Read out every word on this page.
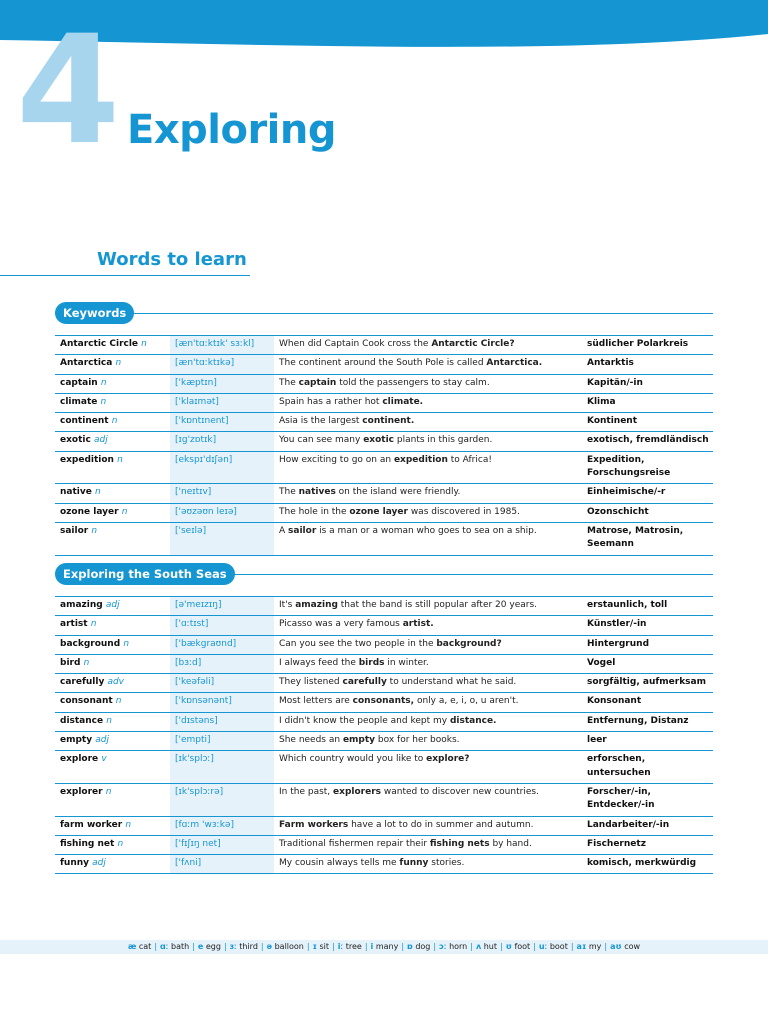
4 Exploring
Words to learn
Keywords
Antarctic Circle n	[æn'tɑːktɪk' sɜːkl]	When did Captain Cook cross the Antarctic Circle?	südlicher Polarkreis
Antarctica n	[æn'tɑːktɪkə]	The continent around the South Pole is called Antarctica.	Antarktis
captain n	['kæptɪn]	The captain told the passengers to stay calm.	Kapitän/-in
climate n	['klaɪmət]	Spain has a rather hot climate.	Klima
continent n	['kɒntɪnent]	Asia is the largest continent.	Kontinent
exotic adj	[ɪg'zɒtɪk]	You can see many exotic plants in this garden.	exotisch, fremdländisch
expedition n	[ekspɪ'dɪʃən]	How exciting to go on an expedition to Africa!	Expedition, Forschungsreise
native n	['neɪtɪv]	The natives on the island were friendly.	Einheimische/-r
ozone layer n	['əʊzəʊn leɪə]	The hole in the ozone layer was discovered in 1985.	Ozonschicht
sailor n	['seɪlə]	A sailor is a man or a woman who goes to sea on a ship.	Matrose, Matrosin, Seemann
Exploring the South Seas
amazing adj	[ə'meɪzɪŋ]	It's amazing that the band is still popular after 20 years.	erstaunlich, toll
artist n	['ɑːtɪst]	Picasso was a very famous artist.	Künstler/-in
background n	['bækgraʊnd]	Can you see the two people in the background?	Hintergrund
bird n	[bɜːd]	I always feed the birds in winter.	Vogel
carefully adv	['keəfəli]	They listened carefully to understand what he said.	sorgfältig, aufmerksam
consonant n	['kɒnsənənt]	Most letters are consonants, only a, e, i, o, u aren't.	Konsonant
distance n	['dɪstəns]	I didn't know the people and kept my distance.	Entfernung, Distanz
empty adj	['empti]	She needs an empty box for her books.	leer
explore v	[ɪk'splɔː]	Which country would you like to explore?	erforschen, untersuchen
explorer n	[ɪk'splɔːrə]	In the past, explorers wanted to discover new countries.	Forscher/-in, Entdecker/-in
farm worker n	[fɑːm 'wɜːkə]	Farm workers have a lot to do in summer and autumn.	Landarbeiter/-in
fishing net n	['fɪʃɪŋ net]	Traditional fishermen repair their fishing nets by hand.	Fischernetz
funny adj	['fʌni]	My cousin always tells me funny stories.	komisch, merkwürdig
æ cat | ɑː bath | e egg | ɜː third | ə balloon | ɪ sit | iː tree | i many | ɒ dog | ɔː horn | ʌ hut | ʊ foot | uː boot | aɪ my | aʊ cow
